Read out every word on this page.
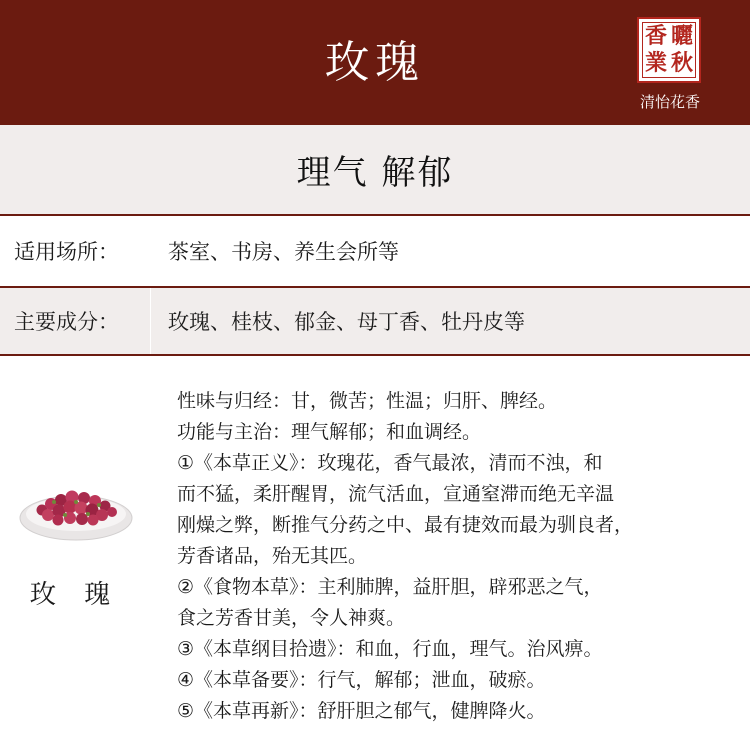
玫瑰
香 曬
業 秋
清怡花香
理气 解郁
适用场所： 茶室、书房、养生会所等
主要成分： 玫瑰、桂枝、郁金、母丁香、牡丹皮等
玫 瑰
性味与归经：甘，微苦；性温；归肝、脾经。
功能与主治：理气解郁；和血调经。
①《本草正义》：玫瑰花，香气最浓，清而不浊，和
而不猛，柔肝醒胃，流气活血，宣通窒滞而绝无辛温
刚燥之弊，断推气分药之中、最有捷效而最为驯良者，
芳香诸品，殆无其匹。
②《食物本草》：主利肺脾，益肝胆，辟邪恶之气，
食之芳香甘美，令人神爽。
③《本草纲目拾遗》：和血，行血，理气。治风痹。
④《本草备要》：行气，解郁；泄血，破瘀。
⑤《本草再新》：舒肝胆之郁气，健脾降火。
